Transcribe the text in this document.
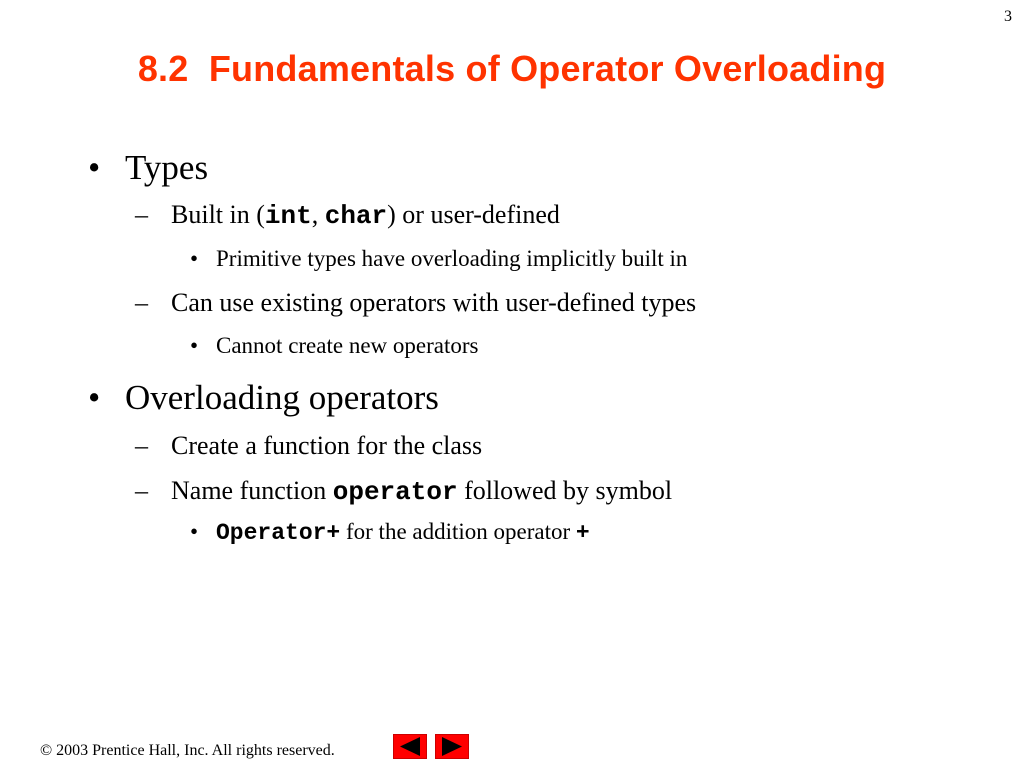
3
8.2  Fundamentals of Operator Overloading
• Types
– Built in (int, char) or user-defined
• Primitive types have overloading implicitly built in
– Can use existing operators with user-defined types
• Cannot create new operators
• Overloading operators
– Create a function for the class
– Name function operator followed by symbol
• Operator+ for the addition operator +
© 2003 Prentice Hall, Inc. All rights reserved.
